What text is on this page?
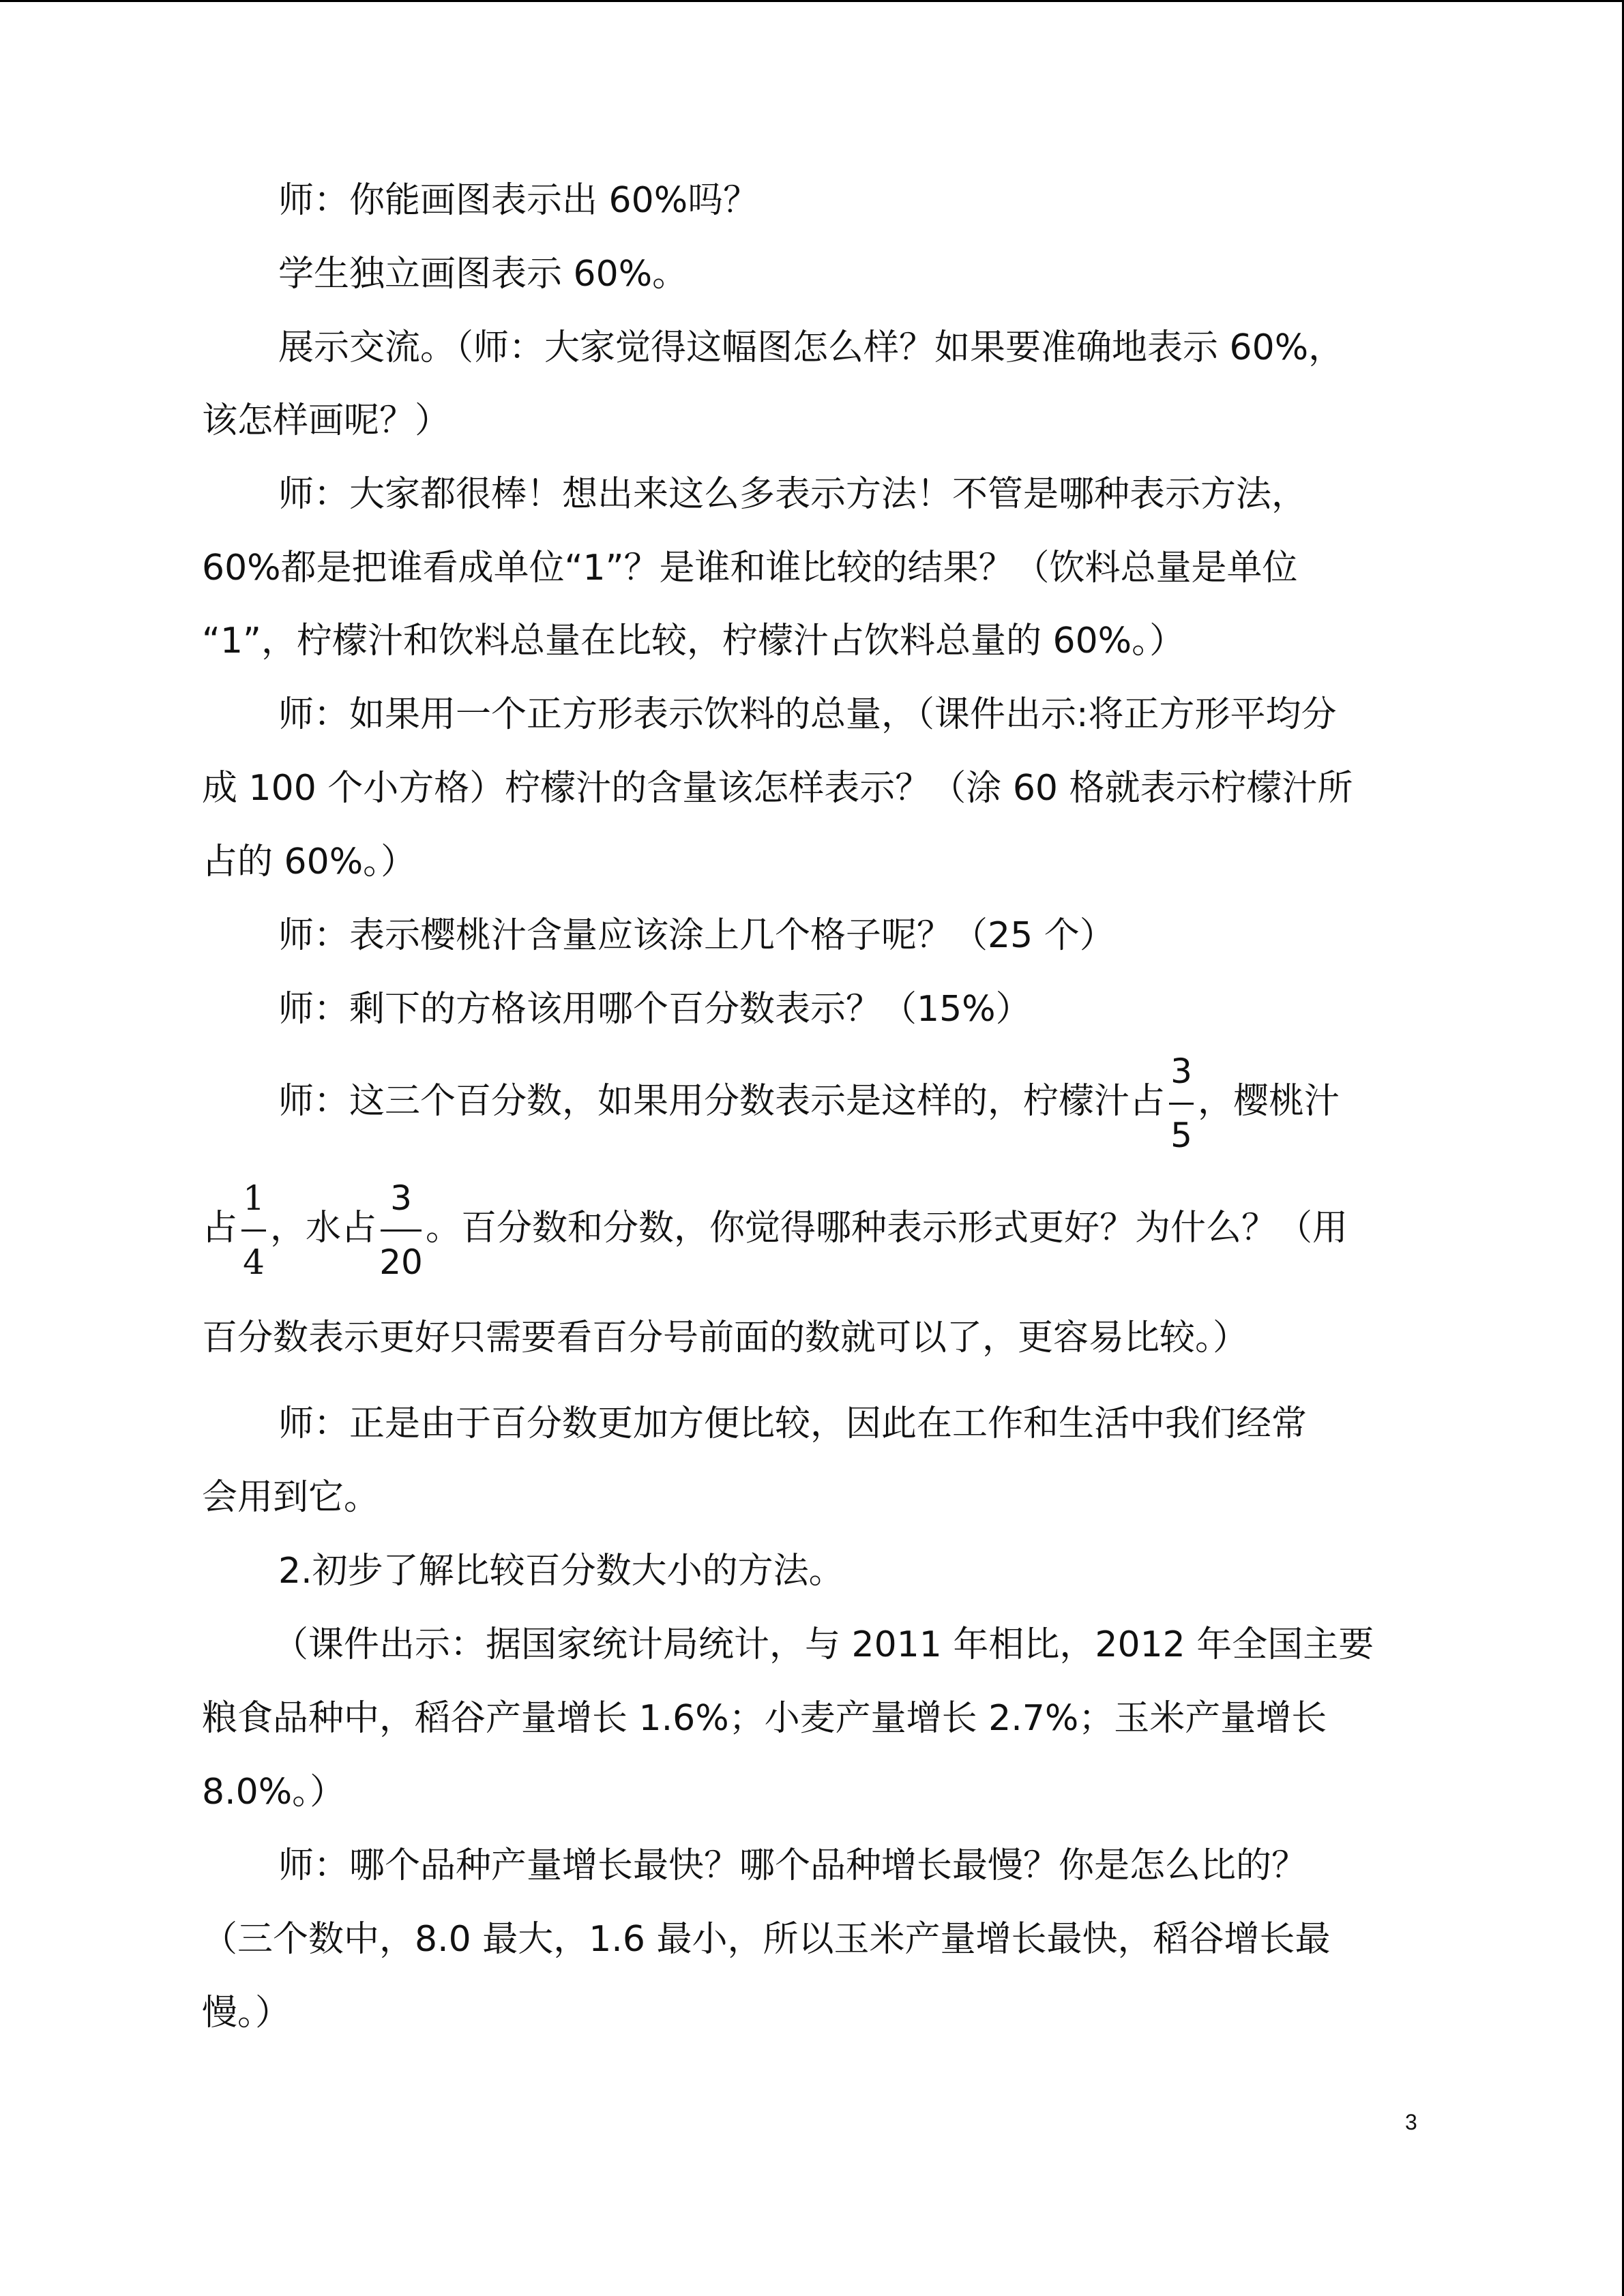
师：你能画图表示出 60%吗？
学生独立画图表示 60%。
展示交流。（师：大家觉得这幅图怎么样？如果要准确地表示 60%，
该怎样画呢？）
师：大家都很棒！想出来这么多表示方法！不管是哪种表示方法，
60%都是把谁看成单位“1”？是谁和谁比较的结果？（饮料总量是单位
“1”，柠檬汁和饮料总量在比较，柠檬汁占饮料总量的 60%。）
师：如果用一个正方形表示饮料的总量，（课件出示:将正方形平均分
成 100 个小方格）柠檬汁的含量该怎样表示？（涂 60 格就表示柠檬汁所
占的 60%。）
师：表示樱桃汁含量应该涂上几个格子呢？（25 个）
师：剩下的方格该用哪个百分数表示？（15%）
师：这三个百分数，如果用分数表示是这样的，柠檬汁占 $\frac{3}{5}$ ，樱桃汁
占 $\frac{1}{4}$ ，水占 $\frac{3}{20}$ 。百分数和分数，你觉得哪种表示形式更好？为什么？（用
百分数表示更好只需要看百分号前面的数就可以了，更容易比较。）
师：正是由于百分数更加方便比较，因此在工作和生活中我们经常
会用到它。
2.初步了解比较百分数大小的方法。
（课件出示：据国家统计局统计，与 2011 年相比，2012 年全国主要
粮食品种中，稻谷产量增长 1.6%；小麦产量增长 2.7%；玉米产量增长
8.0%。）
师：哪个品种产量增长最快？哪个品种增长最慢？你是怎么比的？
（三个数中，8.0 最大，1.6 最小，所以玉米产量增长最快，稻谷增长最
慢。）
3
